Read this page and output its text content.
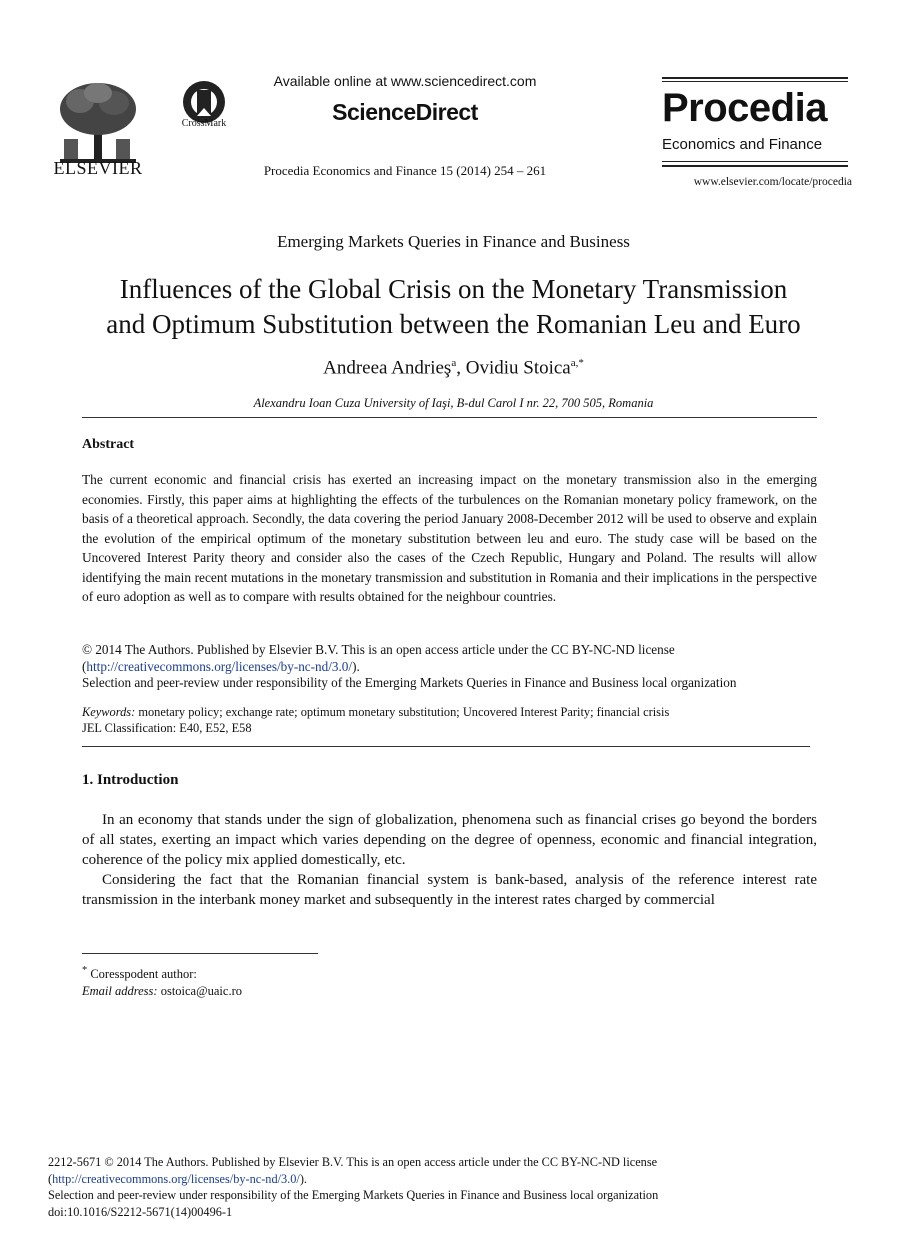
ELSEVIER
CrossMark
Available online at www.sciencedirect.com
ScienceDirect
Procedia Economics and Finance 15 (2014) 254 – 261
Procedia
Economics and Finance
www.elsevier.com/locate/procedia
Emerging Markets Queries in Finance and Business
Influences of the Global Crisis on the Monetary Transmission
and Optimum Substitution between the Romanian Leu and Euro
Andreea Andrieş$^a$, Ovidiu Stoica$^{a,*}$
Alexandru Ioan Cuza University of Iaşi, B-dul Carol I nr. 22, 700 505, Romania
Abstract
The current economic and financial crisis has exerted an increasing impact on the monetary transmission also in the emerging economies. Firstly, this paper aims at highlighting the effects of the turbulences on the Romanian monetary policy framework, on the basis of a theoretical approach. Secondly, the data covering the period January 2008-December 2012 will be used to observe and explain the evolution of the empirical optimum of the monetary substitution between leu and euro. The study case will be based on the Uncovered Interest Parity theory and consider also the cases of the Czech Republic, Hungary and Poland. The results will allow identifying the main recent mutations in the monetary transmission and substitution in Romania and their implications in the perspective of euro adoption as well as to compare with results obtained for the neighbour countries.
© 2014 The Authors. Published by Elsevier B.V. This is an open access article under the CC BY-NC-ND license
(http://creativecommons.org/licenses/by-nc-nd/3.0/).
Selection and peer-review under responsibility of the Emerging Markets Queries in Finance and Business local organization
Keywords: monetary policy; exchange rate; optimum monetary substitution; Uncovered Interest Parity; financial crisis
JEL Classification: E40, E52, E58
1. Introduction

In an economy that stands under the sign of globalization, phenomena such as financial crises go beyond the borders of all states, exerting an impact which varies depending on the degree of openness, economic and financial integration, coherence of the policy mix applied domestically, etc.

Considering the fact that the Romanian financial system is bank-based, analysis of the reference interest rate transmission in the interbank money market and subsequently in the interest rates charged by commercial

* Coresspodent author:
Email address: ostoica@uaic.ro
2212-5671 © 2014 The Authors. Published by Elsevier B.V. This is an open access article under the CC BY-NC-ND license
(http://creativecommons.org/licenses/by-nc-nd/3.0/).
Selection and peer-review under responsibility of the Emerging Markets Queries in Finance and Business local organization
doi:10.1016/S2212-5671(14)00496-1
